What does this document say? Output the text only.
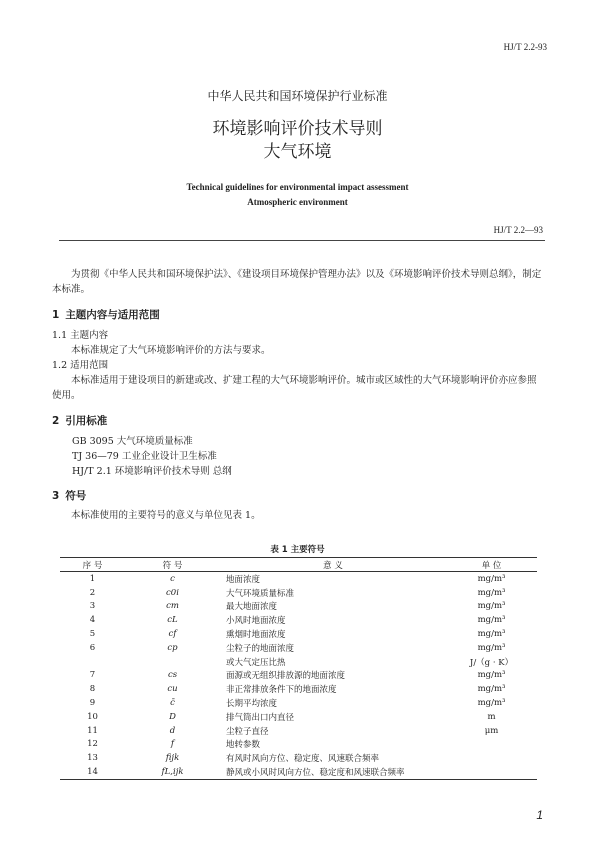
HJ/T 2.2-93
中华人民共和国环境保护行业标准
环境影响评价技术导则
大气环境
Technical guidelines for environmental impact assessment
Atmospheric environment
HJ/T 2.2—93
为贯彻《中华人民共和国环境保护法》、《建设项目环境保护管理办法》以及《环境影响评价技术导则总纲》，制定本标准。
1 主题内容与适用范围
1.1 主题内容
本标准规定了大气环境影响评价的方法与要求。
1.2 适用范围
本标准适用于建设项目的新建或改、扩建工程的大气环境影响评价。城市或区域性的大气环境影响评价亦应参照使用。
2 引用标准
GB 3095 大气环境质量标准
TJ 36—79 工业企业设计卫生标准
HJ/T 2.1 环境影响评价技术导则 总纲
3 符号
本标准使用的主要符号的意义与单位见表 1。
表 1 主要符号
序 号	符 号	意 义	单 位
1	c	地面浓度	mg/m³
2	c0i	大气环境质量标准	mg/m³
3	cm	最大地面浓度	mg/m³
4	cL	小风时地面浓度	mg/m³
5	cf	熏烟时地面浓度	mg/m³
6	cp	尘粒子的地面浓度	mg/m³
		或大气定压比热	J/（g · K）
7	cs	面源或无组织排放源的地面浓度	mg/m³
8	cu	非正常排放条件下的地面浓度	mg/m³
9	c̄	长期平均浓度	mg/m³
10	D	排气筒出口内直径	m
11	d	尘粒子直径	μm
12	f	地转参数	
13	fijk	有风时风向方位、稳定度、风速联合频率	
14	fL,ijk	静风或小风时风向方位、稳定度和风速联合频率	
1
